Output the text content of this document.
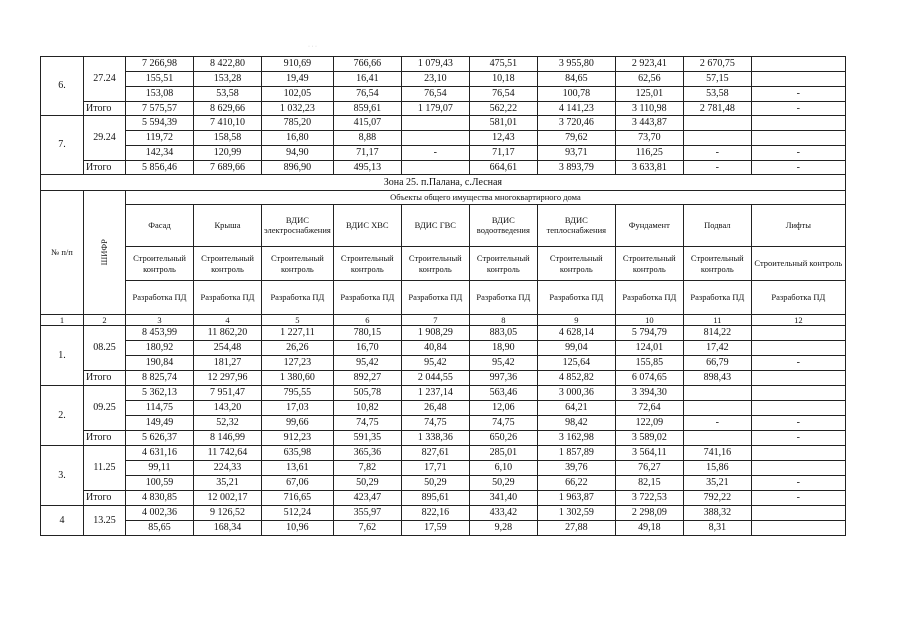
· · ·
6.	27.24	7 266,98	8 422,80	910,69	766,66	1 079,43	475,51	3 955,80	2 923,41	2 670,75	
		155,51	153,28	19,49	16,41	23,10	10,18	84,65	62,56	57,15	
		153,08	53,58	102,05	76,54	76,54	76,54	100,78	125,01	53,58	-
	Итого	7 575,57	8 629,66	1 032,23	859,61	1 179,07	562,22	4 141,23	3 110,98	2 781,48	-
7.	29.24	5 594,39	7 410,10	785,20	415,07		581,01	3 720,46	3 443,87		
		119,72	158,58	16,80	8,88		12,43	79,62	73,70		
		142,34	120,99	94,90	71,17	-	71,17	93,71	116,25	-	-
	Итого	5 856,46	7 689,66	896,90	495,13		664,61	3 893,79	3 633,81	-	-
Зона 25. п.Палана, с.Лесная											
№ п/п	ШИФР	Объекты общего имущества многоквартирного дома									
		Фасад	Крыша	ВДИС электроснабжения	ВДИС ХВС	ВДИС ГВС	ВДИС водоотведения	ВДИС теплоснабжения	Фундамент	Подвал	Лифты
		Строительный контроль	Строительный контроль	Строительный контроль	Строительный контроль	Строительный контроль	Строительный контроль	Строительный контроль	Строительный контроль	Строительный контроль	Строительный контроль
		Разработка ПД	Разработка ПД	Разработка ПД	Разработка ПД	Разработка ПД	Разработка ПД	Разработка ПД	Разработка ПД	Разработка ПД	Разработка ПД
1	2	3	4	5	6	7	8	9	10	11	12
1.	08.25	8 453,99	11 862,20	1 227,11	780,15	1 908,29	883,05	4 628,14	5 794,79	814,22	
		180,92	254,48	26,26	16,70	40,84	18,90	99,04	124,01	17,42	
		190,84	181,27	127,23	95,42	95,42	95,42	125,64	155,85	66,79	-
	Итого	8 825,74	12 297,96	1 380,60	892,27	2 044,55	997,36	4 852,82	6 074,65	898,43	
2.	09.25	5 362,13	7 951,47	795,55	505,78	1 237,14	563,46	3 000,36	3 394,30		
		114,75	143,20	17,03	10,82	26,48	12,06	64,21	72,64		
		149,49	52,32	99,66	74,75	74,75	74,75	98,42	122,09	-	-
	Итого	5 626,37	8 146,99	912,23	591,35	1 338,36	650,26	3 162,98	3 589,02		-
3.	11.25	4 631,16	11 742,64	635,98	365,36	827,61	285,01	1 857,89	3 564,11	741,16	
		99,11	224,33	13,61	7,82	17,71	6,10	39,76	76,27	15,86	
		100,59	35,21	67,06	50,29	50,29	50,29	66,22	82,15	35,21	-
	Итого	4 830,85	12 002,17	716,65	423,47	895,61	341,40	1 963,87	3 722,53	792,22	-
4	13.25	4 002,36	9 126,52	512,24	355,97	822,16	433,42	1 302,59	2 298,09	388,32	
		85,65	168,34	10,96	7,62	17,59	9,28	27,88	49,18	8,31	
